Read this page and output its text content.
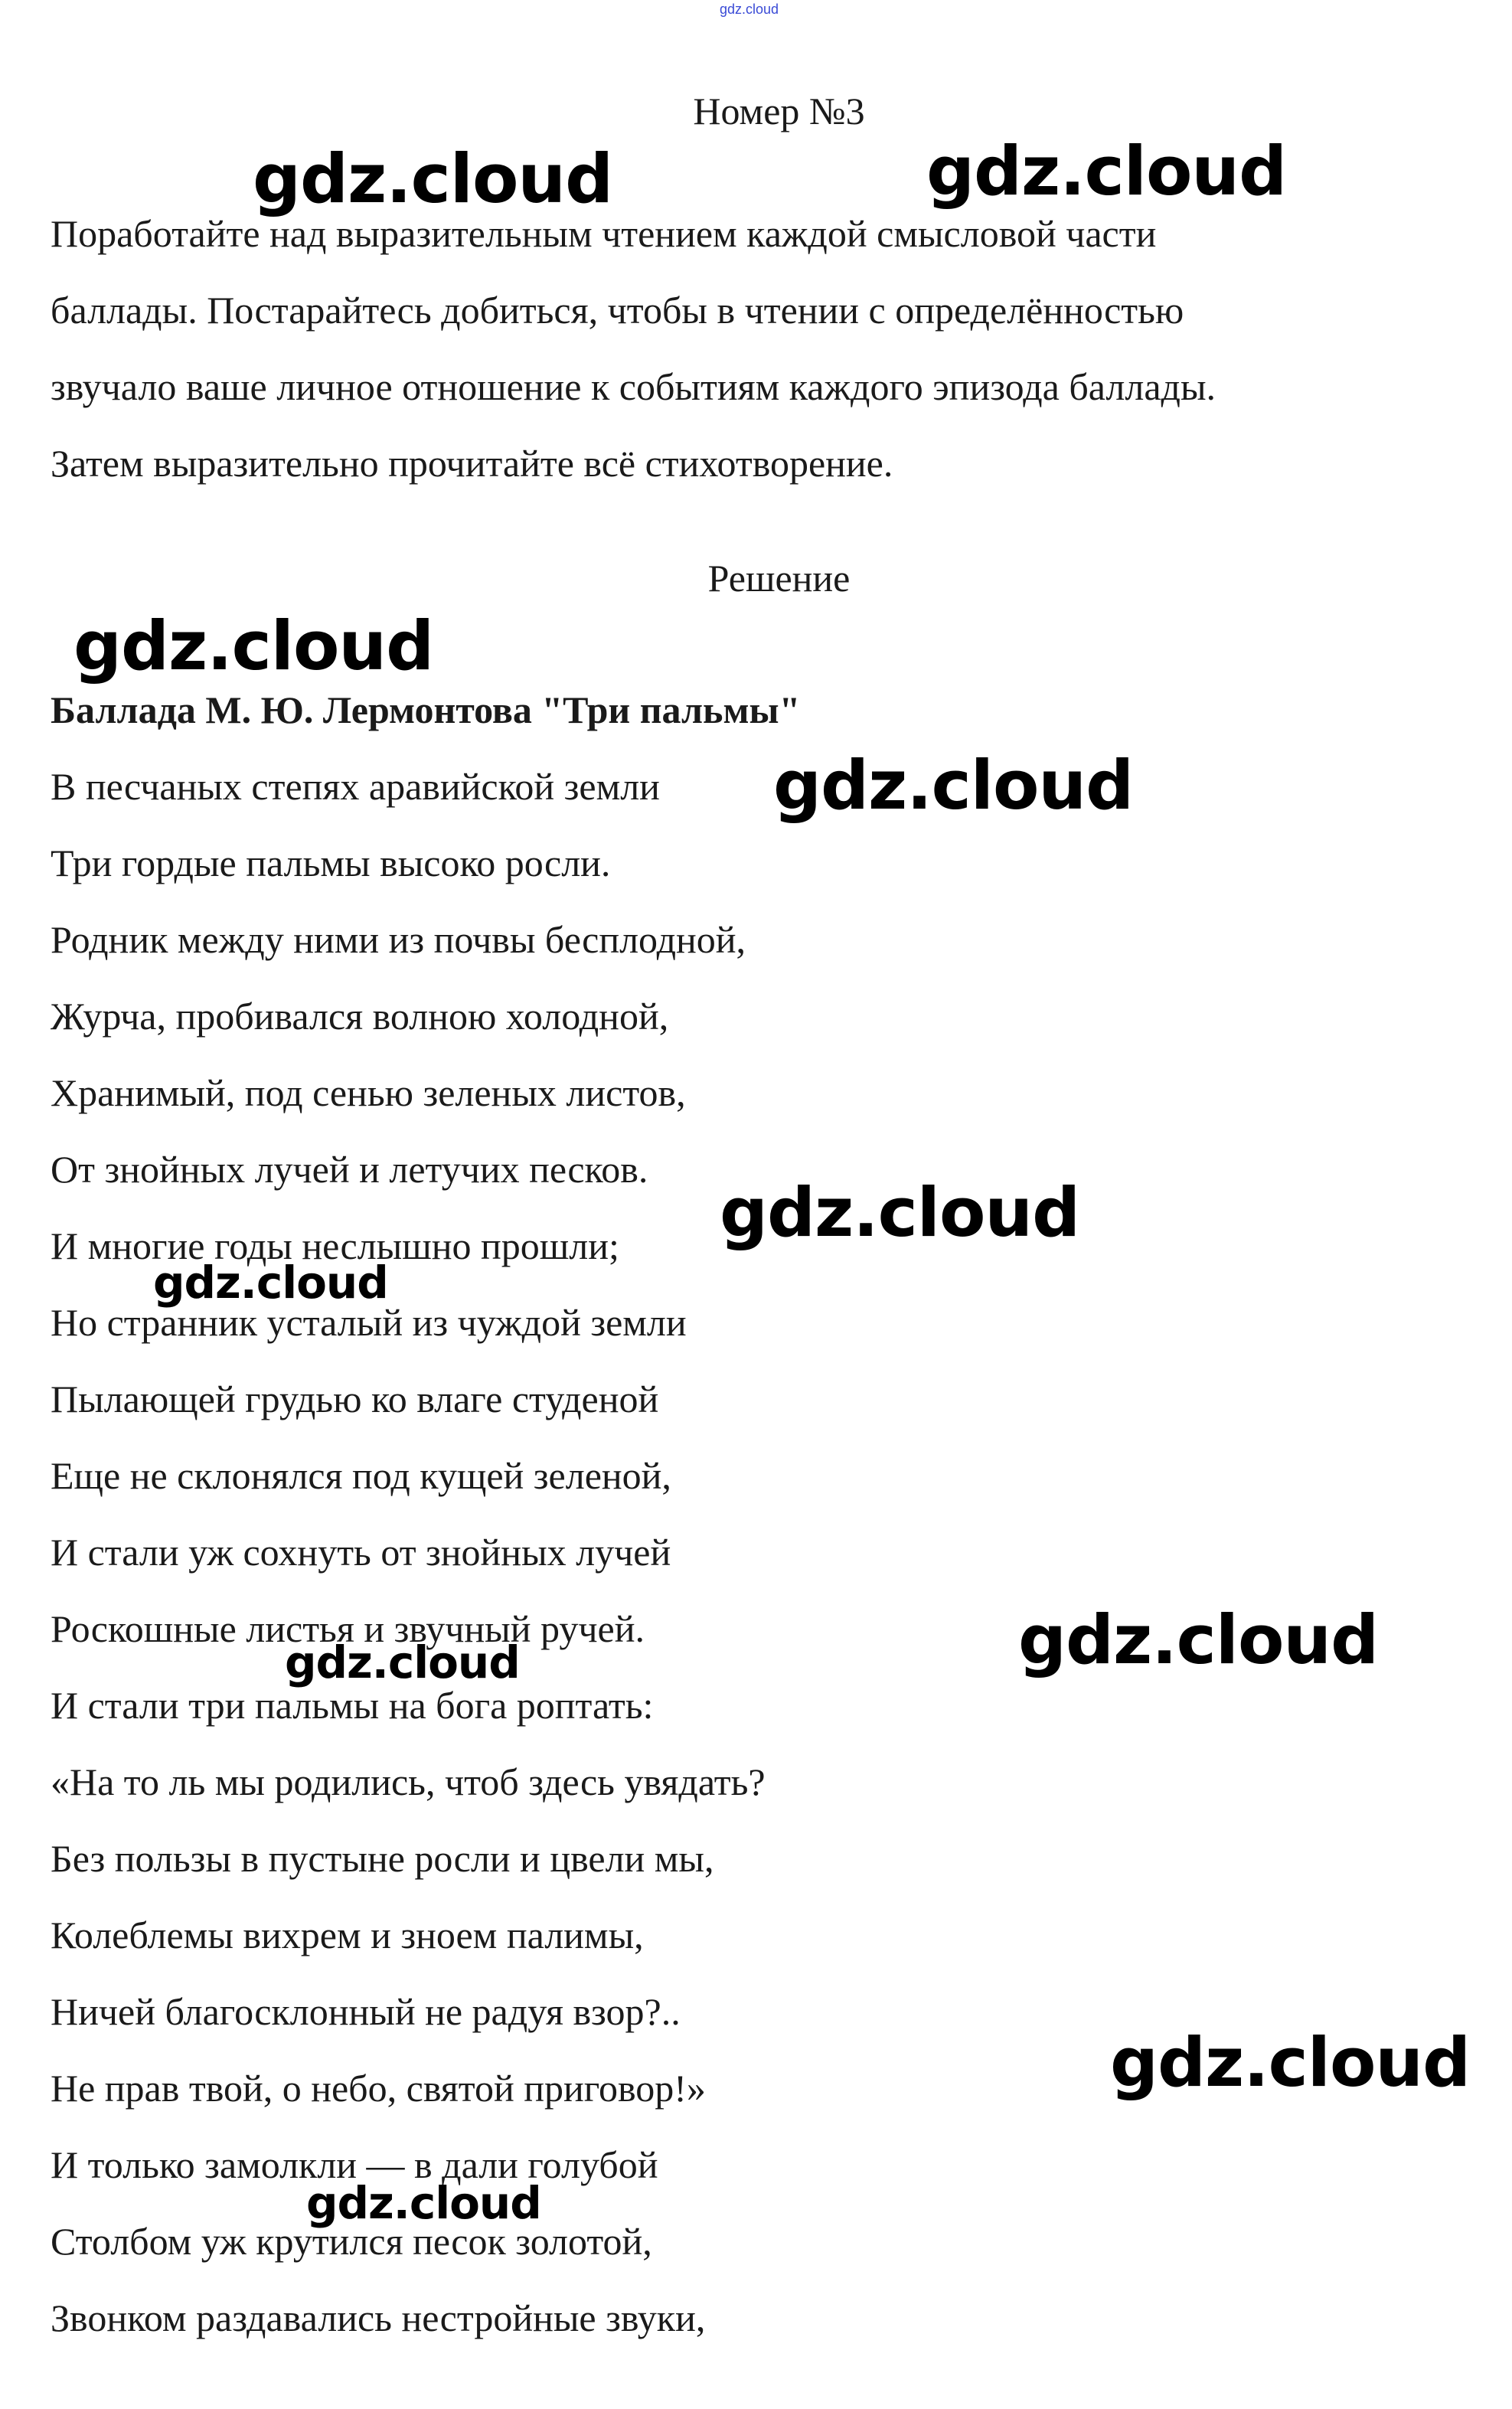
gdz.cloud
Номер №3
Поработайте над выразительным чтением каждой смысловой части
баллады. Постарайтесь добиться, чтобы в чтении с определённостью
звучало ваше личное отношение к событиям каждого эпизода баллады.
Затем выразительно прочитайте всё стихотворение.
Решение
Баллада М. Ю. Лермонтова "Три пальмы"
В песчаных степях аравийской земли
Три гордые пальмы высоко росли.
Родник между ними из почвы бесплодной,
Журча, пробивался волною холодной,
Хранимый, под сенью зеленых листов,
От знойных лучей и летучих песков.
И многие годы неслышно прошли;
Но странник усталый из чуждой земли
Пылающей грудью ко влаге студеной
Еще не склонялся под кущей зеленой,
И стали уж сохнуть от знойных лучей
Роскошные листья и звучный ручей.
И стали три пальмы на бога роптать:
«На то ль мы родились, чтоб здесь увядать?
Без пользы в пустыне росли и цвели мы,
Колеблемы вихрем и зноем палимы,
Ничей благосклонный не радуя взор?..
Не прав твой, о небо, святой приговор!»
И только замолкли — в дали голубой
Столбом уж крутился песок золотой,
Звонком раздавались нестройные звуки,
gdz.cloud	gdz.cloud
gdz.cloud
gdz.cloud
gdz.cloud
gdz.cloud
gdz.cloud
gdz.cloud
gdz.cloud
gdz.cloud
